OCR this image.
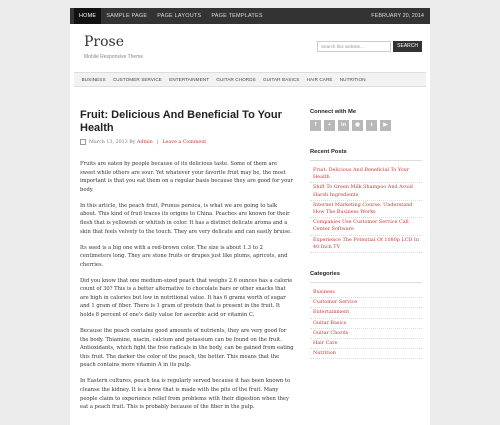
HOME	SAMPLE PAGE	PAGE LAYOUTS	PAGE TEMPLATES	FEBRUARY 20, 2014
Prose
Mobile Responsive Theme
Search this website...	SEARCH
BUSINESS	CUSTOMER SERVICE	ENTERTAINMENT	GUITAR CHORDS	GUITAR BASICS	HAIR CARE	NUTRITION
Fruit: Delicious And Beneficial To Your Health
March 13, 2013 By
Admin | Leave a Comment

Fruits are eaten by people because of its delicious taste. Some of them are sweet while others are sour. Yet whatever your favorite fruit may be, the most important is that you eat them on a regular basis because they are good for your body.

In this article, the peach fruit, Prunus persica, is what we are going to talk about. This kind of fruit traces its origins to China. Peaches are known for their flesh that is yellowish or whitish in color. It has a distinct delicate aroma and a skin that feels velvety to the touch. They are very delicate and can easily bruise.

Its seed is a big one with a red-brown color. The size is about 1.3 to 2 centimeters long. They are stone fruits or drupes just like plums, apricots, and cherries.

Did you know that one medium-sized peach that weighs 2.6 ounces has a calorie count of 30? This is a better alternative to chocolate bars or other snacks that are high in calories but low in nutritional value. It has 6 grams worth of sugar and 1 gram of fiber. There is 1 gram of protein that is present in the fruit. It holds 8 percent of one's daily value for ascorbic acid or vitamin C.

Because the peach contains good amounts of nutrients, they are very good for the body. Thiamine, niacin, calcium and potassium can be found on the fruit. Antioxidants, which fight the free radicals in the body, can be gained from eating this fruit. The darker the color of the peach, the better. This means that the peach contains more vitamin A in its pulp.

In Eastern cultures, peach tea is regularly served because it has been known to cleanse the kidney. It is a brew that is made with the pits of the fruit. Many people claim to experience relief from problems with their digestion when they eat a peach fruit. This is probably because of the fiber in the pulp.

Connect with Me
f	+	in	◉	t	▶
Recent Posts
Fruit: Delicious And Beneficial To Your Health
Shift To Green Milk Shampoo And Avoid Harsh Ingredients
Internet Marketing Course: Understand How The Business Works
Companies Use Customer Service Call Center Software
Experience The Potential Of 1080p LCD In 40 Inch TV
Categories
Business
Customer Service
Entertainment
Guitar Basics
Guitar Chords
Hair Care
Nutrition
